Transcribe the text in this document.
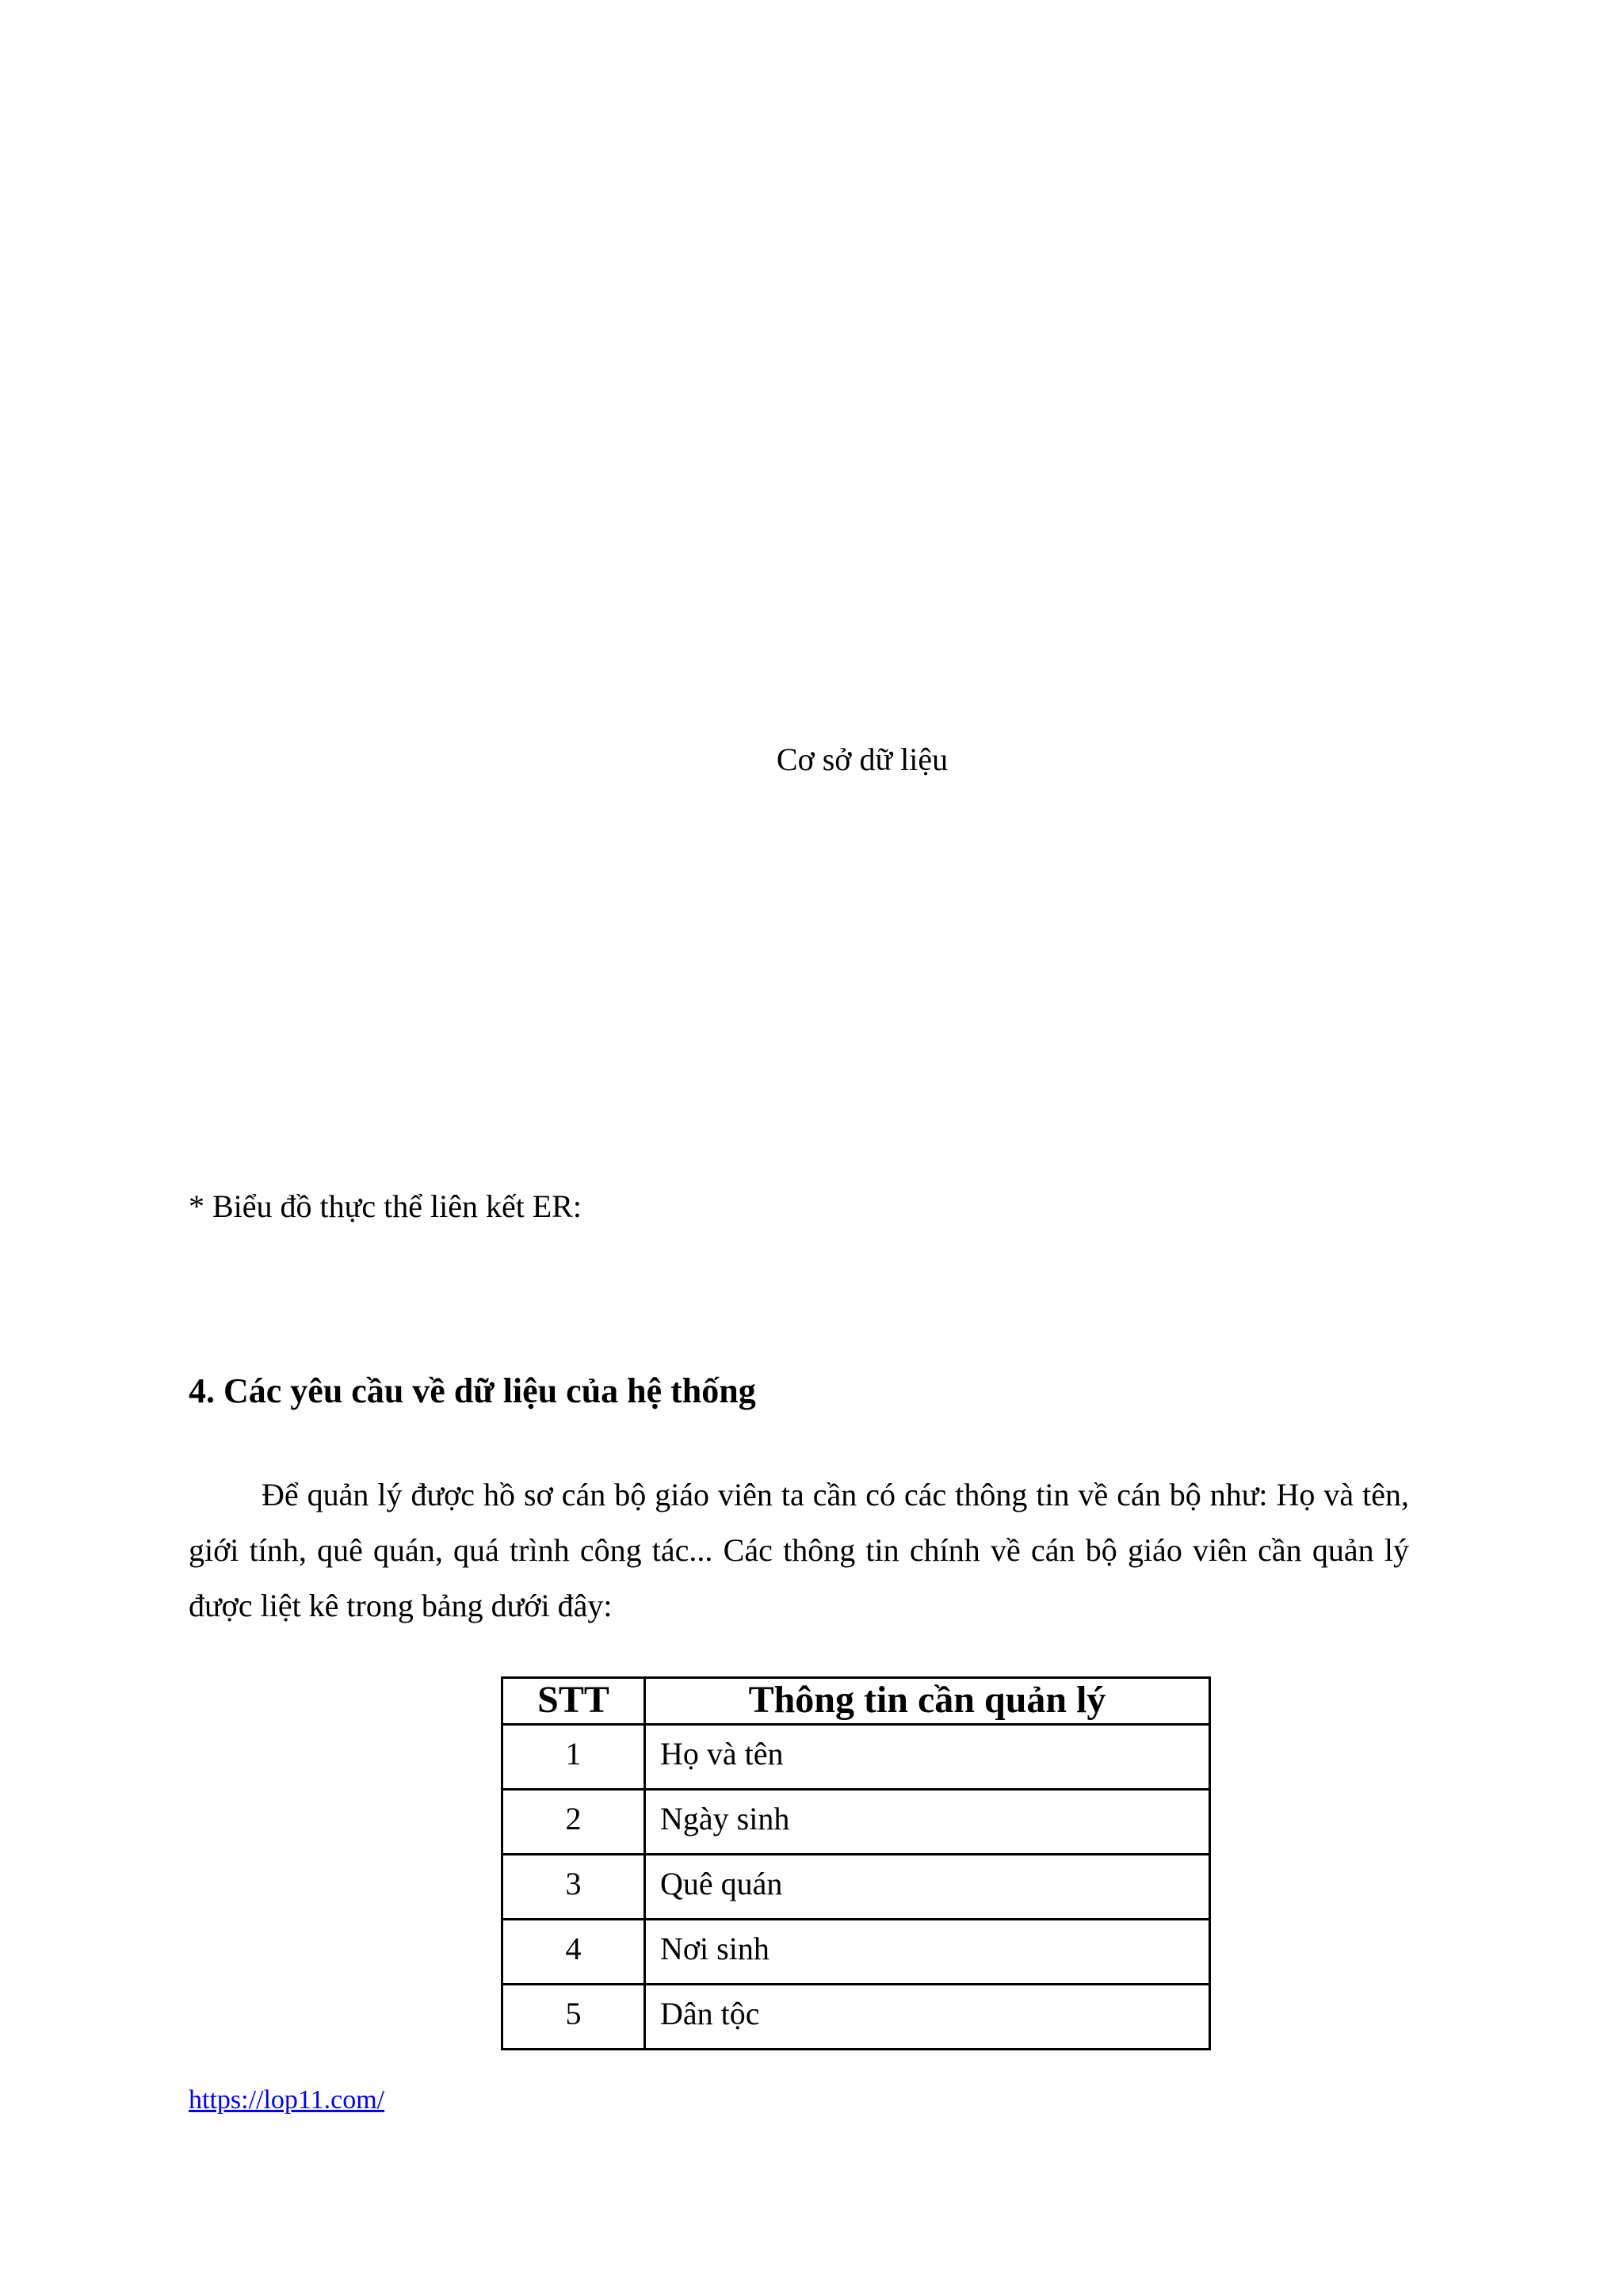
Cơ sở dữ liệu
* Biểu đồ thực thể liên kết ER:
4. Các yêu cầu về dữ liệu của hệ thống

Để quản lý được hồ sơ cán bộ giáo viên ta cần có các thông tin về cán bộ như: Họ và tên, giới tính, quê quán, quá trình công tác... Các thông tin chính về cán bộ giáo viên cần quản lý được liệt kê trong bảng dưới đây:

STT	Thông tin cần quản lý
1	Họ và tên
2	Ngày sinh
3	Quê quán
4	Nơi sinh
5	Dân tộc
https://lop11.com/
